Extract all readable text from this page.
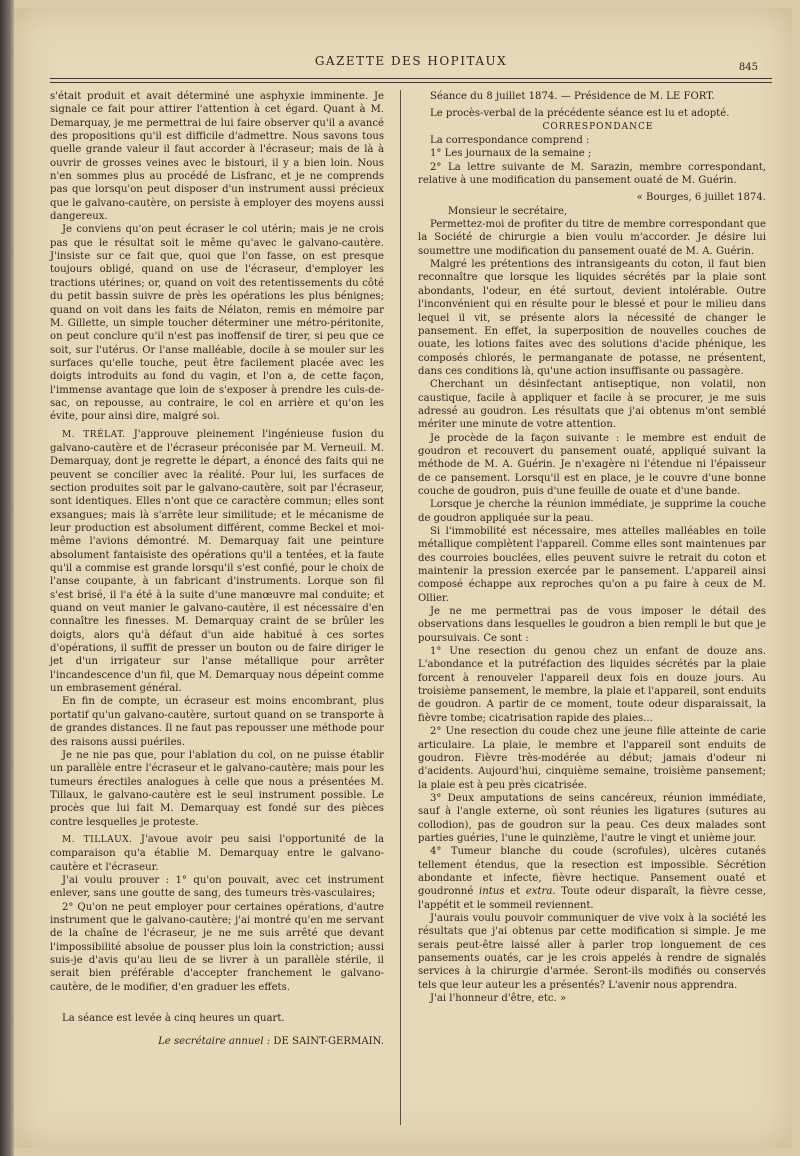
GAZETTE DES HOPITAUX	845

s'était produit et avait déterminé une asphyxie imminente. Je signale ce fait pour attirer l'attention à cet égard. Quant à M. Demarquay, je me permettrai de lui faire observer qu'il a avancé des propositions qu'il est difficile d'admettre. Nous savons tous quelle grande valeur il faut accorder à l'écraseur; mais de là à ouvrir de grosses veines avec le bistouri, il y a bien loin. Nous n'en sommes plus au procédé de Lisfranc, et je ne comprends pas que lorsqu'on peut disposer d'un instrument aussi précieux que le galvano-cautère, on persiste à employer des moyens aussi dangereux.

Je conviens qu'on peut écraser le col utérin; mais je ne crois pas que le résultat soit le même qu'avec le galvano-cautère. J'insiste sur ce fait que, quoi que l'on fasse, on est presque toujours obligé, quand on use de l'écraseur, d'employer les tractions utérines; or, quand on voit des retentissements du côté du petit bassin suivre de près les opérations les plus bénignes; quand on voit dans les faits de Nélaton, remis en mémoire par M. Gillette, un simple toucher déterminer une métro-péritonite, on peut conclure qu'il n'est pas inoffensif de tirer, si peu que ce soit, sur l'utérus. Or l'anse malléable, docile à se mouler sur les surfaces qu'elle touche, peut être facilement placée avec les doigts introduits au fond du vagin, et l'on a, de cette façon, l'immense avantage que loin de s'exposer à prendre les culs-de-sac, on repousse, au contraire, le col en arrière et qu'on les évite, pour ainsi dire, malgré soi.

M. TRÉLAT. J'approuve pleinement l'ingénieuse fusion du galvano-cautère et de l'écraseur préconisée par M. Verneuil. M. Demarquay, dont je regrette le départ, a énoncé des faits qui ne peuvent se concilier avec la réalité. Pour lui, les surfaces de section produites soit par le galvano-cautère, soit par l'écraseur, sont identiques. Elles n'ont que ce caractère commun; elles sont exsangues; mais là s'arrête leur similitude; et le mécanisme de leur production est absolument différent, comme Beckel et moi-même l'avions démontré. M. Demarquay fait une peinture absolument fantaisiste des opérations qu'il a tentées, et la faute qu'il a commise est grande lorsqu'il s'est confié, pour le choix de l'anse coupante, à un fabricant d'instruments. Lorque son fil s'est brisé, il l'a été à la suite d'une manœuvre mal conduite; et quand on veut manier le galvano-cautère, il est nécessaire d'en connaître les finesses. M. Demarquay craint de se brûler les doigts, alors qu'à défaut d'un aide habitué à ces sortes d'opérations, il suffit de presser un bouton ou de faire diriger le jet d'un irrigateur sur l'anse métallique pour arrêter l'incandescence d'un fil, que M. Demarquay nous dépeint comme un embrasement général.

En fin de compte, un écraseur est moins encombrant, plus portatif qu'un galvano-cautère, surtout quand on se transporte à de grandes distances. Il ne faut pas repousser une méthode pour des raisons aussi puériles.

Je ne nie pas que, pour l'ablation du col, on ne puisse établir un parallèle entre l'écraseur et le galvano-cautère; mais pour les tumeurs érectiles analogues à celle que nous a présentées M. Tillaux, le galvano-cautère est le seul instrument possible. Le procès que lui fait M. Demarquay est fondé sur des pièces contre lesquelles je proteste.

M. TILLAUX. J'avoue avoir peu saisi l'opportunité de la comparaison qu'a établie M. Demarquay entre le galvano-cautère et l'écraseur.

J'ai voulu prouver : 1° qu'on pouvait, avec cet instrument enlever, sans une goutte de sang, des tumeurs très-vasculaires;

2° Qu'on ne peut employer pour certaines opérations, d'autre instrument que le galvano-cautère; j'ai montré qu'en me servant de la chaîne de l'écraseur, je ne me suis arrêté que devant l'impossibilité absolue de pousser plus loin la constriction; aussi suis-je d'avis qu'au lieu de se livrer à un parallèle stérile, il serait bien préférable d'accepter franchement le galvano-cautère, de le modifier, d'en graduer les effets.

La séance est levée à cinq heures un quart.

Le secrétaire annuel : DE SAINT-GERMAIN.

Séance du 8 juillet 1874. — Présidence de M. LE FORT.

Le procès-verbal de la précédente séance est lu et adopté.

CORRESPONDANCE

La correspondance comprend :

1° Les journaux de la semaine ;

2° La lettre suivante de M. Sarazin, membre correspondant, relative à une modification du pansement ouaté de M. Guérin.

« Bourges, 6 juillet 1874.

Monsieur le secrétaire,

Permettez-moi de profiter du titre de membre correspondant que la Société de chirurgie a bien voulu m'accorder. Je désire lui soumettre une modification du pansement ouaté de M. A. Guérin.

Malgré les prétentions des intransigeants du coton, il faut bien reconnaître que lorsque les liquides sécrétés par la plaie sont abondants, l'odeur, en été surtout, devient intolérable. Outre l'inconvénient qui en résulte pour le blessé et pour le milieu dans lequel il vit, se présente alors la nécessité de changer le pansement. En effet, la superposition de nouvelles couches de ouate, les lotions faites avec des solutions d'acide phénique, les composés chlorés, le permanganate de potasse, ne présentent, dans ces conditions là, qu'une action insuffisante ou passagère.

Cherchant un désinfectant antiseptique, non volatil, non caustique, facile à appliquer et facile à se procurer, je me suis adressé au goudron. Les résultats que j'ai obtenus m'ont semblé mériter une minute de votre attention.

Je procède de la façon suivante : le membre est enduit de goudron et recouvert du pansement ouaté, appliqué suivant la méthode de M. A. Guérin. Je n'exagère ni l'étendue ni l'épaisseur de ce pansement. Lorsqu'il est en place, je le couvre d'une bonne couche de goudron, puis d'une feuille de ouate et d'une bande.

Lorsque je cherche la réunion immédiate, je supprime la couche de goudron appliquée sur la peau.

Si l'immobilité est nécessaire, mes attelles malléables en toile métallique complètent l'appareil. Comme elles sont maintenues par des courroies bouclées, elles peuvent suivre le retrait du coton et maintenir la pression exercée par le pansement. L'appareil ainsi composé échappe aux reproches qu'on a pu faire à ceux de M. Ollier.

Je ne me permettrai pas de vous imposer le détail des observations dans lesquelles le goudron a bien rempli le but que je poursuivais. Ce sont :

1° Une resection du genou chez un enfant de douze ans. L'abondance et la putréfaction des liquides sécrétés par la plaie forcent à renouveler l'appareil deux fois en douze jours. Au troisième pansement, le membre, la plaie et l'appareil, sont enduits de goudron. A partir de ce moment, toute odeur disparaissait, la fièvre tombe; cicatrisation rapide des plaies...

2° Une resection du coude chez une jeune fille atteinte de carie articulaire. La plaie, le membre et l'appareil sont enduits de goudron. Fièvre très-modérée au début; jamais d'odeur ni d'acidents. Aujourd'hui, cinquième semaine, troisième pansement; la plaie est à peu près cicatrisée.

3° Deux amputations de seins cancéreux, réunion immédiate, sauf à l'angle externe, où sont réunies les ligatures (sutures au collodion), pas de goudron sur la peau. Ces deux malades sont parties guéries, l'une le quinzième, l'autre le vingt et unième jour.

4° Tumeur blanche du coude (scrofules), ulcères cutanés tellement étendus, que la resection est impossible. Sécrétion abondante et infecte, fièvre hectique. Pansement ouaté et goudronné intus et extra. Toute odeur disparaît, la fièvre cesse, l'appétit et le sommeil reviennent.

J'aurais voulu pouvoir communiquer de vive voix à la société les résultats que j'ai obtenus par cette modification si simple. Je me serais peut-être laissé aller à parler trop longuement de ces pansements ouatés, car je les crois appelés à rendre de signalés services à la chirurgie d'armée. Seront-ils modifiés ou conservés tels que leur auteur les a présentés? L'avenir nous apprendra.

J'ai l'honneur d'être, etc. »
